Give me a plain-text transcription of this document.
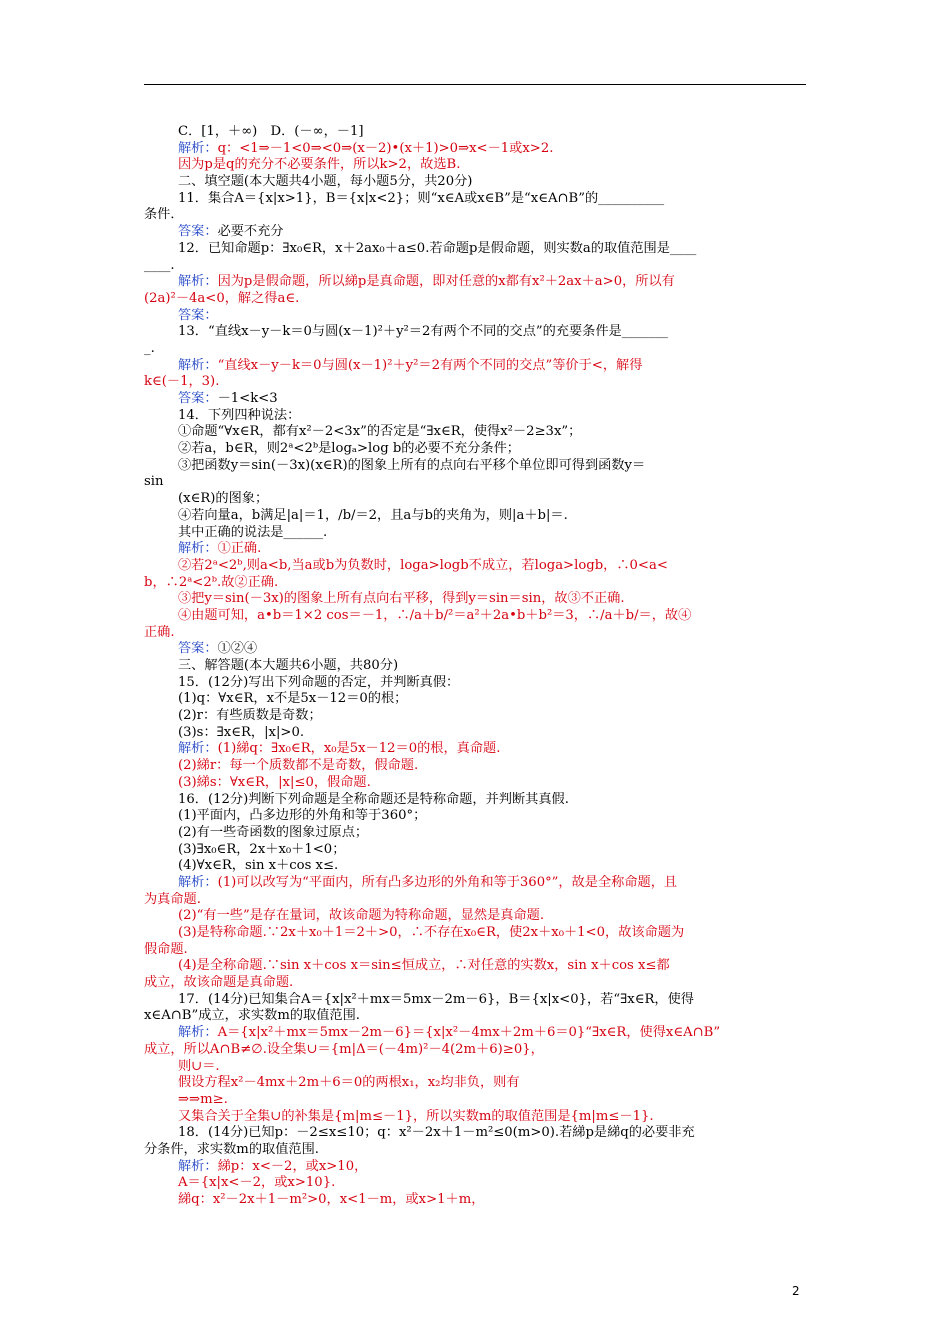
C．[1，＋∞)　D．(－∞，－1]
解析：q：<1⇒－1<0⇒<0⇒(x－2)•(x＋1)>0⇒x<－1或x>2.
因为p是q的充分不必要条件，所以k>2，故选B.
二、填空题(本大题共4小题，每小题5分，共20分)
11．集合A＝{x|x>1}，B＝{x|x<2}；则“x∈A或x∈B”是“x∈A∩B”的__________
条件．
答案：必要不充分
12．已知命题p：∃x₀∈R，x＋2ax₀＋a≤0.若命题p是假命题，则实数a的取值范围是____
____.
解析：因为p是假命题，所以綈p是真命题，即对任意的x都有x²＋2ax＋a>0，所以有
(2a)²－4a<0，解之得a∈.
答案：
13．“直线x－y－k＝0与圆(x－1)²＋y²＝2有两个不同的交点”的充要条件是_______
_.
解析：“直线x－y－k＝0与圆(x－1)²＋y²＝2有两个不同的交点”等价于<，解得
k∈(－1，3).
答案：－1<k<3
14．下列四种说法：
①命题“∀x∈R，都有x²－2<3x”的否定是“∃x∈R，使得x²－2≥3x”；
②若a，b∈R，则2ᵃ<2ᵇ是logₐ>log b的必要不充分条件；
③把函数y＝sin(－3x)(x∈R)的图象上所有的点向右平移个单位即可得到函数y＝
sin
(x∈R)的图象；
④若向量a，b满足|a|＝1，/b/＝2，且a与b的夹角为，则|a＋b|＝.
其中正确的说法是______.
解析：①正确.
②若2ᵃ<2ᵇ,则a<b,当a或b为负数时，loga>logb不成立，若loga>logb，∴0<a<
b，∴2ᵃ<2ᵇ.故②正确.
③把y＝sin(－3x)的图象上所有点向右平移，得到y＝sin＝sin，故③不正确.
④由题可知，a•b＝1×2 cos＝－1，∴/a＋b/²＝a²＋2a•b＋b²＝3，∴/a＋b/＝，故④
正确.
答案：①②④
三、解答题(本大题共6小题，共80分)
15．(12分)写出下列命题的否定，并判断真假：
(1)q：∀x∈R，x不是5x－12＝0的根；
(2)r：有些质数是奇数；
(3)s：∃x∈R，|x|>0.
解析：(1)綈q：∃x₀∈R，x₀是5x－12＝0的根，真命题.
(2)綈r：每一个质数都不是奇数，假命题.
(3)綈s：∀x∈R，|x|≤0，假命题.
16．(12分)判断下列命题是全称命题还是特称命题，并判断其真假.
(1)平面内，凸多边形的外角和等于360°；
(2)有一些奇函数的图象过原点；
(3)∃x₀∈R，2x＋x₀＋1<0；
(4)∀x∈R，sin x＋cos x≤.
解析：(1)可以改写为“平面内，所有凸多边形的外角和等于360°”，故是全称命题，且
为真命题.
(2)“有一些”是存在量词，故该命题为特称命题，显然是真命题.
(3)是特称命题.∵2x＋x₀＋1＝2＋>0，∴不存在x₀∈R，使2x＋x₀＋1<0，故该命题为
假命题.
(4)是全称命题.∵sin x＋cos x＝sin≤恒成立，∴对任意的实数x，sin x＋cos x≤都
成立，故该命题是真命题.
17．(14分)已知集合A＝{x|x²＋mx＝5mx－2m－6}，B＝{x|x<0}，若“∃x∈R，使得
x∈A∩B”成立，求实数m的取值范围.
解析：A＝{x|x²＋mx＝5mx－2m－6}＝{x|x²－4mx＋2m＋6＝0}“∃x∈R，使得x∈A∩B”
成立，所以A∩B≠∅.设全集∪＝{m|Δ＝(－4m)²－4(2m＋6)≥0}，
则∪＝.
假设方程x²－4mx＋2m＋6＝0的两根x₁，x₂均非负，则有
⇒⇒m≥.
又集合关于全集∪的补集是{m|m≤－1}，所以实数m的取值范围是{m|m≤－1}.
18．(14分)已知p：－2≤x≤10；q：x²－2x＋1－m²≤0(m>0).若綈p是綈q的必要非充
分条件，求实数m的取值范围.
解析：綈p：x<－2，或x>10，
A＝{x|x<－2，或x>10}.
綈q：x²－2x＋1－m²>0，x<1－m，或x>1＋m，
2
